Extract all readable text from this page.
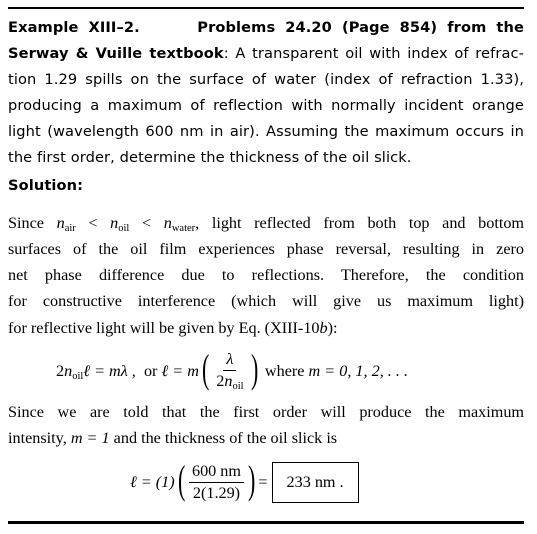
Example XIII–2.	Problems 24.20 (Page 854) from the
Serway & Vuille textbook: A transparent oil with index of refrac-
tion 1.29 spills on the surface of water (index of refraction 1.33),
producing a maximum of reflection with normally incident orange
light (wavelength 600 nm in air). Assuming the maximum occurs in
the first order, determine the thickness of the oil slick.
Solution:
Since nair < noil < nwater, light reflected from both top and bottom
surfaces of the oil film experiences phase reversal, resulting in zero
net phase difference due to reflections. Therefore, the condition
for constructive interference (which will give us maximum light)
for reflective light will be given by Eq. (XIII-10b):
2 noil ℓ
= mλ ,
or
ℓ
= m ( $\frac{\lambda}{\text{2noil}}$ )
where
m = 0, 1, 2, . . .
Since we are told that the first order will produce the maximum
intensity, m = 1 and the thickness of the oil slick is
ℓ = (1) ( $\frac{600 nm}{2(1.29)}$ ) =
	233 nm .
